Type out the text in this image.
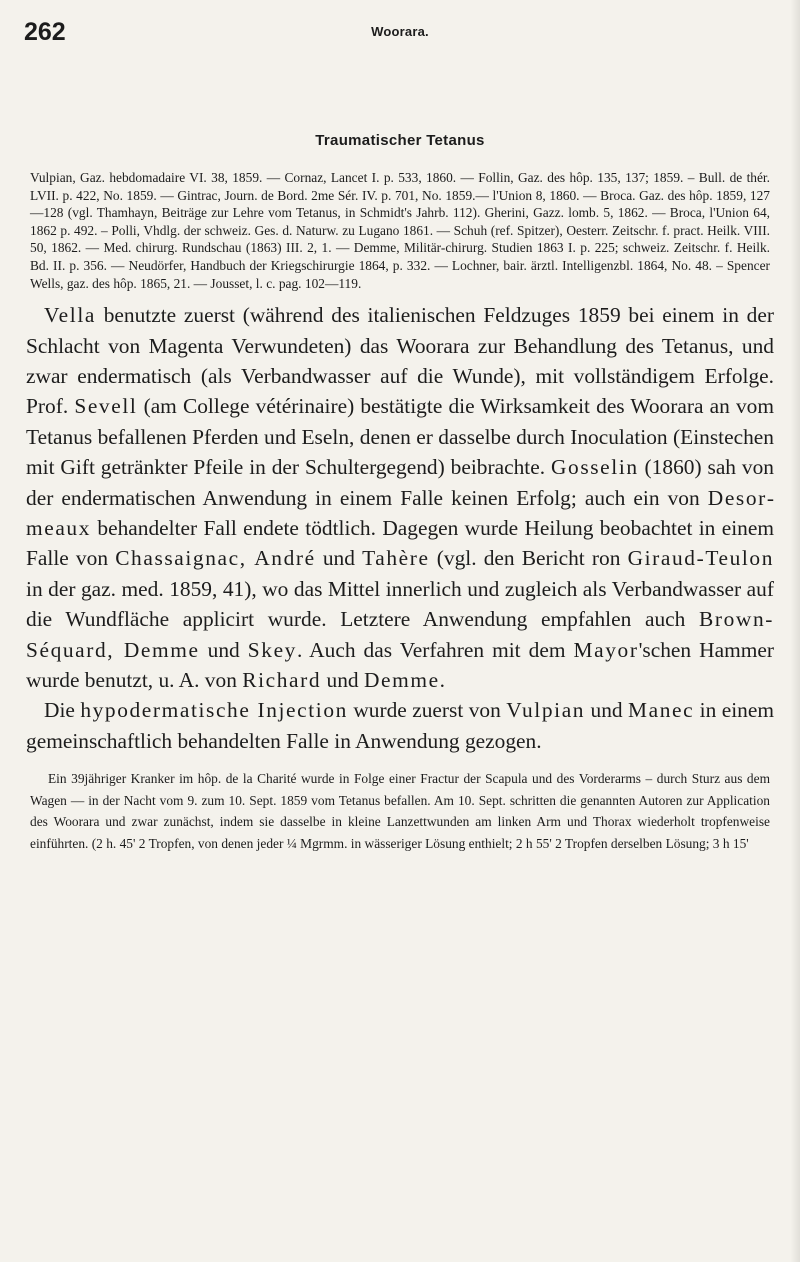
262	Woorara.
Traumatischer Tetanus
Vulpian, Gaz. hebdomadaire VI. 38, 1859. — Cornaz, Lancet I. p. 533, 1860. — Follin, Gaz. des hôp. 135, 137; 1859. – Bull. de thér. LVII. p. 422, No. 1859. — Gintrac, Journ. de Bord. 2me Sér. IV. p. 701, No. 1859.— l'Union 8, 1860. — Broca. Gaz. des hôp. 1859, 127—128 (vgl. Thamhayn, Beiträge zur Lehre vom Tetanus, in Schmidt's Jahrb. 112). Gherini, Gazz. lomb. 5, 1862. — Broca, l'Union 64, 1862 p. 492. – Polli, Vhdlg. der schweiz. Ges. d. Naturw. zu Lugano 1861. — Schuh (ref. Spitzer), Oesterr. Zeitschr. f. pract. Heilk. VIII. 50, 1862. — Med. chirurg. Rundschau (1863) III. 2, 1. — Demme, Militär-chirurg. Studien 1863 I. p. 225; schweiz. Zeitschr. f. Heilk. Bd. II. p. 356. — Neudörfer, Handbuch der Kriegschirurgie 1864, p. 332. — Lochner, bair. ärztl. Intelligenzbl. 1864, No. 48. – Spencer Wells, gaz. des hôp. 1865, 21. — Jousset, l. c. pag. 102—119.

Vella benutzte zuerst (während des italienischen Feldzuges 1859 bei einem in der Schlacht von Magenta Verwundeten) das Woorara zur Behandlung des Tetanus, und zwar endermatisch (als Verbandwasser auf die Wunde), mit vollständigem Erfolge. Prof. Sevell (am College vétérinaire) bestätigte die Wirksamkeit des Woorara an vom Tetanus befallenen Pferden und Eseln, denen er dasselbe durch Inoculation (Einstechen mit Gift getränkter Pfeile in der Schultergegend) beibrachte. Gosselin (1860) sah von der endermatischen Anwendung in einem Falle keinen Erfolg; auch ein von Desormeaux behandelter Fall endete tödtlich. Dagegen wurde Heilung beobachtet in einem Falle von Chassaignac, André und Tahère (vgl. den Bericht ron Giraud-Teulon in der gaz. med. 1859, 41), wo das Mittel innerlich und zugleich als Verbandwasser auf die Wundfläche applicirt wurde. Letztere Anwendung empfahlen auch Brown-Séquard, Demme und Skey. Auch das Verfahren mit dem Mayor'schen Hammer wurde benutzt, u. A. von Richard und Demme.

Die hypodermatische Injection wurde zuerst von Vulpian und Manec in einem gemeinschaftlich behandelten Falle in Anwendung gezogen.

Ein 39jähriger Kranker im hôp. de la Charité wurde in Folge einer Fractur der Scapula und des Vorderarms – durch Sturz aus dem Wagen — in der Nacht vom 9. zum 10. Sept. 1859 vom Tetanus befallen. Am 10. Sept. schritten die genannten Autoren zur Application des Woorara und zwar zunächst, indem sie dasselbe in kleine Lanzettwunden am linken Arm und Thorax wiederholt tropfenweise einführten. (2 h. 45' 2 Tropfen, von denen jeder ¼ Mgrmm. in wässeriger Lösung enthielt; 2 h 55' 2 Tropfen derselben Lösung; 3 h 15'
